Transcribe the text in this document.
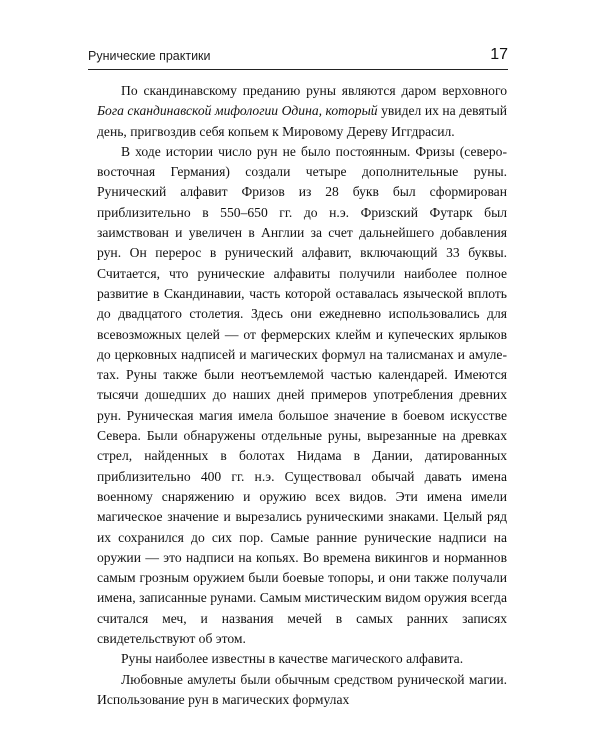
Рунические практики	17

По скандинавскому преданию руны являются даром верховного Бога скандинавской мифологии Одина, который увидел их на девятый день, пригвоздив себя копьем к Мировому Дереву Иггдрасил.

В ходе истории число рун не было постоянным. Фризы (северо-восточная Германия) создали четыре дополнительные руны. Рунический алфавит Фризов из 28 букв был сформирован приблизительно в 550–650 гг. до н.э. Фризский Футарк был заимствован и увеличен в Англии за счет дальнейшего добавления рун. Он перерос в рунический алфавит, включающий 33 буквы. Считается, что рунические алфавиты получили наиболее полное развитие в Скандинавии, часть которой оставалась языческой вплоть до двадцатого столетия. Здесь они ежедневно использовались для всевозможных целей — от фермерских клейм и купеческих ярлыков до церковных надписей и магических формул на талисманах и амулетах. Руны также были неотъемлемой частью календарей. Имеются тысячи дошедших до наших дней примеров употребления древних рун. Руническая магия имела большое значение в боевом искусстве Севера. Были обнаружены отдельные руны, вырезанные на древках стрел, найденных в болотах Нидама в Дании, датированных приблизительно 400 гг. н.э. Существовал обычай давать имена военному снаряжению и оружию всех видов. Эти имена имели магическое значение и вырезались руническими знаками. Целый ряд их сохранился до сих пор. Самые ранние рунические надписи на оружии — это надписи на копьях. Во времена викингов и норманнов самым грозным оружием были боевые топоры, и они также получали имена, записанные рунами. Самым мистическим видом оружия всегда считался меч, и названия мечей в самых ранних записях свидетельствуют об этом.

Руны наиболее известны в качестве магического алфавита.

Любовные амулеты были обычным средством рунической магии. Использование рун в магических формулах
